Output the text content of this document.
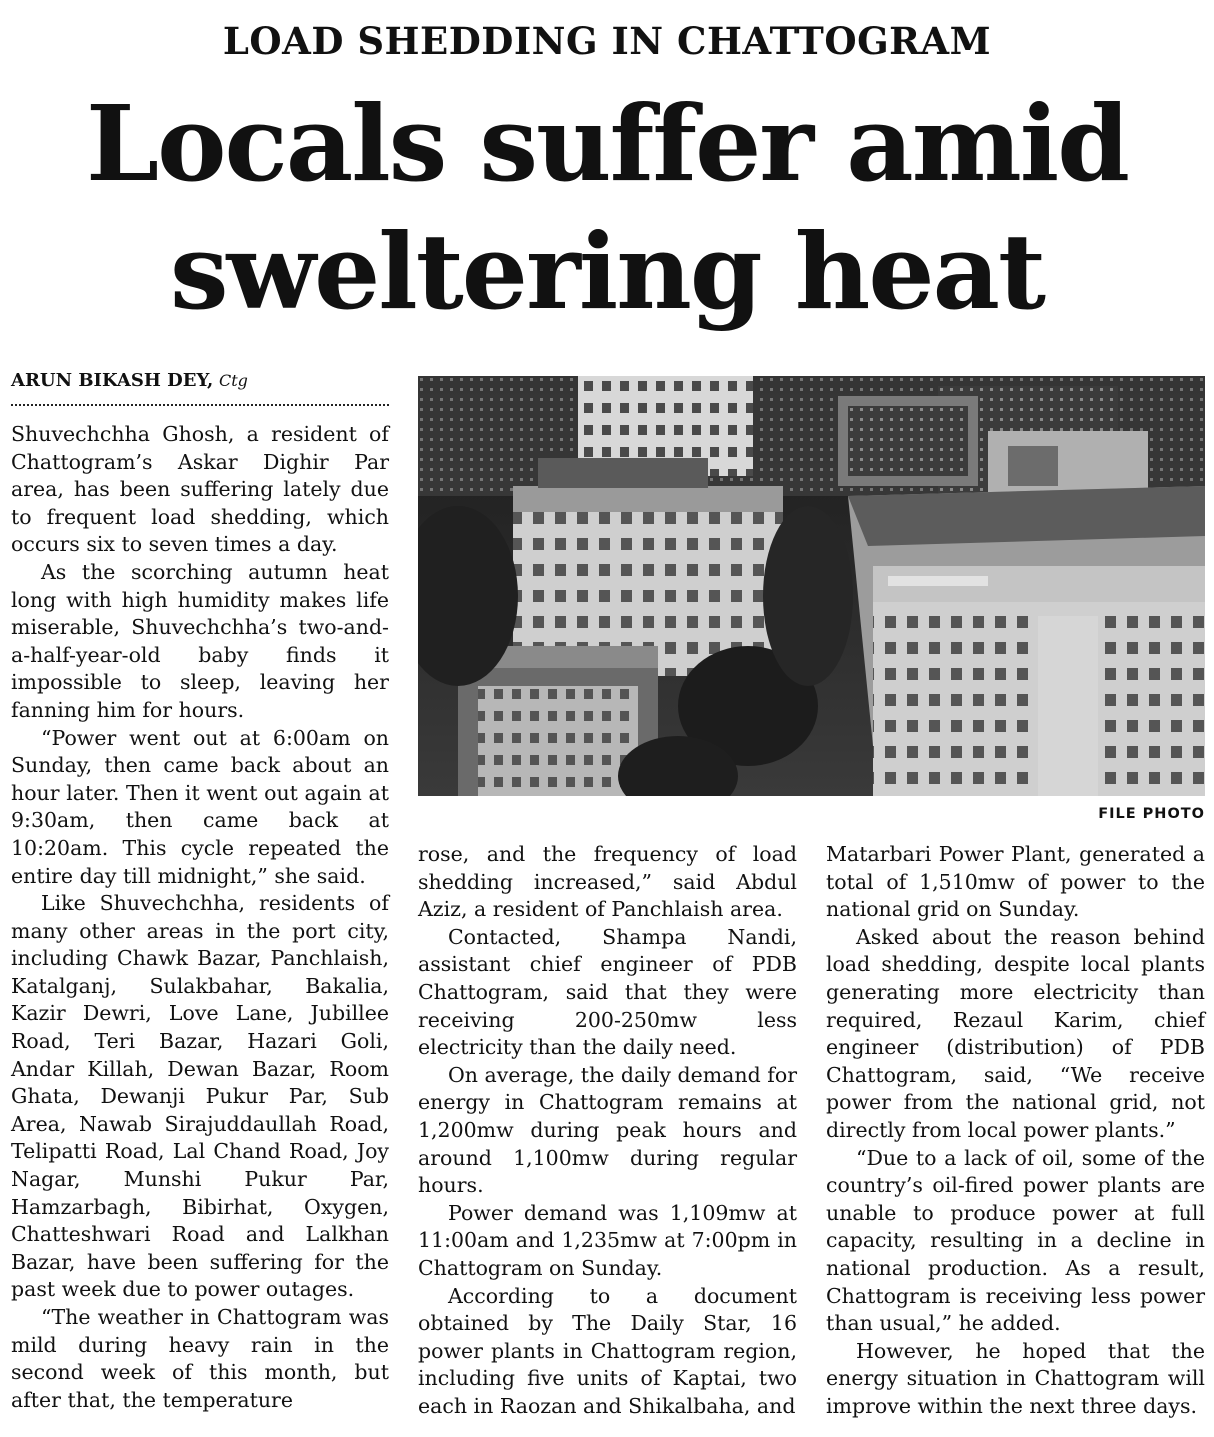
LOAD SHEDDING IN CHATTOGRAM
Locals suffer amid
sweltering heat
ARUN BIKASH DEY, Ctg

Shuvechchha Ghosh, a resident of Chattogram’s Askar Dighir Par area, has been suffering lately due to frequent load shedding, which occurs six to seven times a day.

As the scorching autumn heat long with high humidity makes life miserable, Shuvechchha’s two-and-a-half-year-old baby finds it impossible to sleep, leaving her fanning him for hours.

“Power went out at 6:00am on Sunday, then came back about an hour later. Then it went out again at 9:30am, then came back at 10:20am. This cycle repeated the entire day till midnight,” she said.

Like Shuvechchha, residents of many other areas in the port city, including Chawk Bazar, Panchlaish, Katalganj, Sulakbahar, Bakalia, Kazir Dewri, Love Lane, Jubillee Road, Teri Bazar, Hazari Goli, Andar Killah, Dewan Bazar, Room Ghata, Dewanji Pukur Par, Sub Area, Nawab Sirajuddaullah Road, Telipatti Road, Lal Chand Road, Joy Nagar, Munshi Pukur Par, Hamzarbagh, Bibirhat, Oxygen, Chatteshwari Road and Lalkhan Bazar, have been suffering for the past week due to power outages.

“The weather in Chattogram was mild during heavy rain in the second week of this month, but after that, the temperature

FILE PHOTO

rose, and the frequency of load shedding increased,” said Abdul Aziz, a resident of Panchlaish area.

Contacted, Shampa Nandi, assistant chief engineer of PDB Chattogram, said that they were receiving 200-250mw less electricity than the daily need.

On average, the daily demand for energy in Chattogram remains at 1,200mw during peak hours and around 1,100mw during regular hours.

Power demand was 1,109mw at 11:00am and 1,235mw at 7:00pm in Chattogram on Sunday.

According to a document obtained by The Daily Star, 16 power plants in Chattogram region, including five units of Kaptai, two each in Raozan and Shikalbaha, and

Matarbari Power Plant, generated a total of 1,510mw of power to the national grid on Sunday.

Asked about the reason behind load shedding, despite local plants generating more electricity than required, Rezaul Karim, chief engineer (distribution) of PDB Chattogram, said, “We receive power from the national grid, not directly from local power plants.”

“Due to a lack of oil, some of the country’s oil-fired power plants are unable to produce power at full capacity, resulting in a decline in national production. As a result, Chattogram is receiving less power than usual,” he added.

However, he hoped that the energy situation in Chattogram will improve within the next three days.
